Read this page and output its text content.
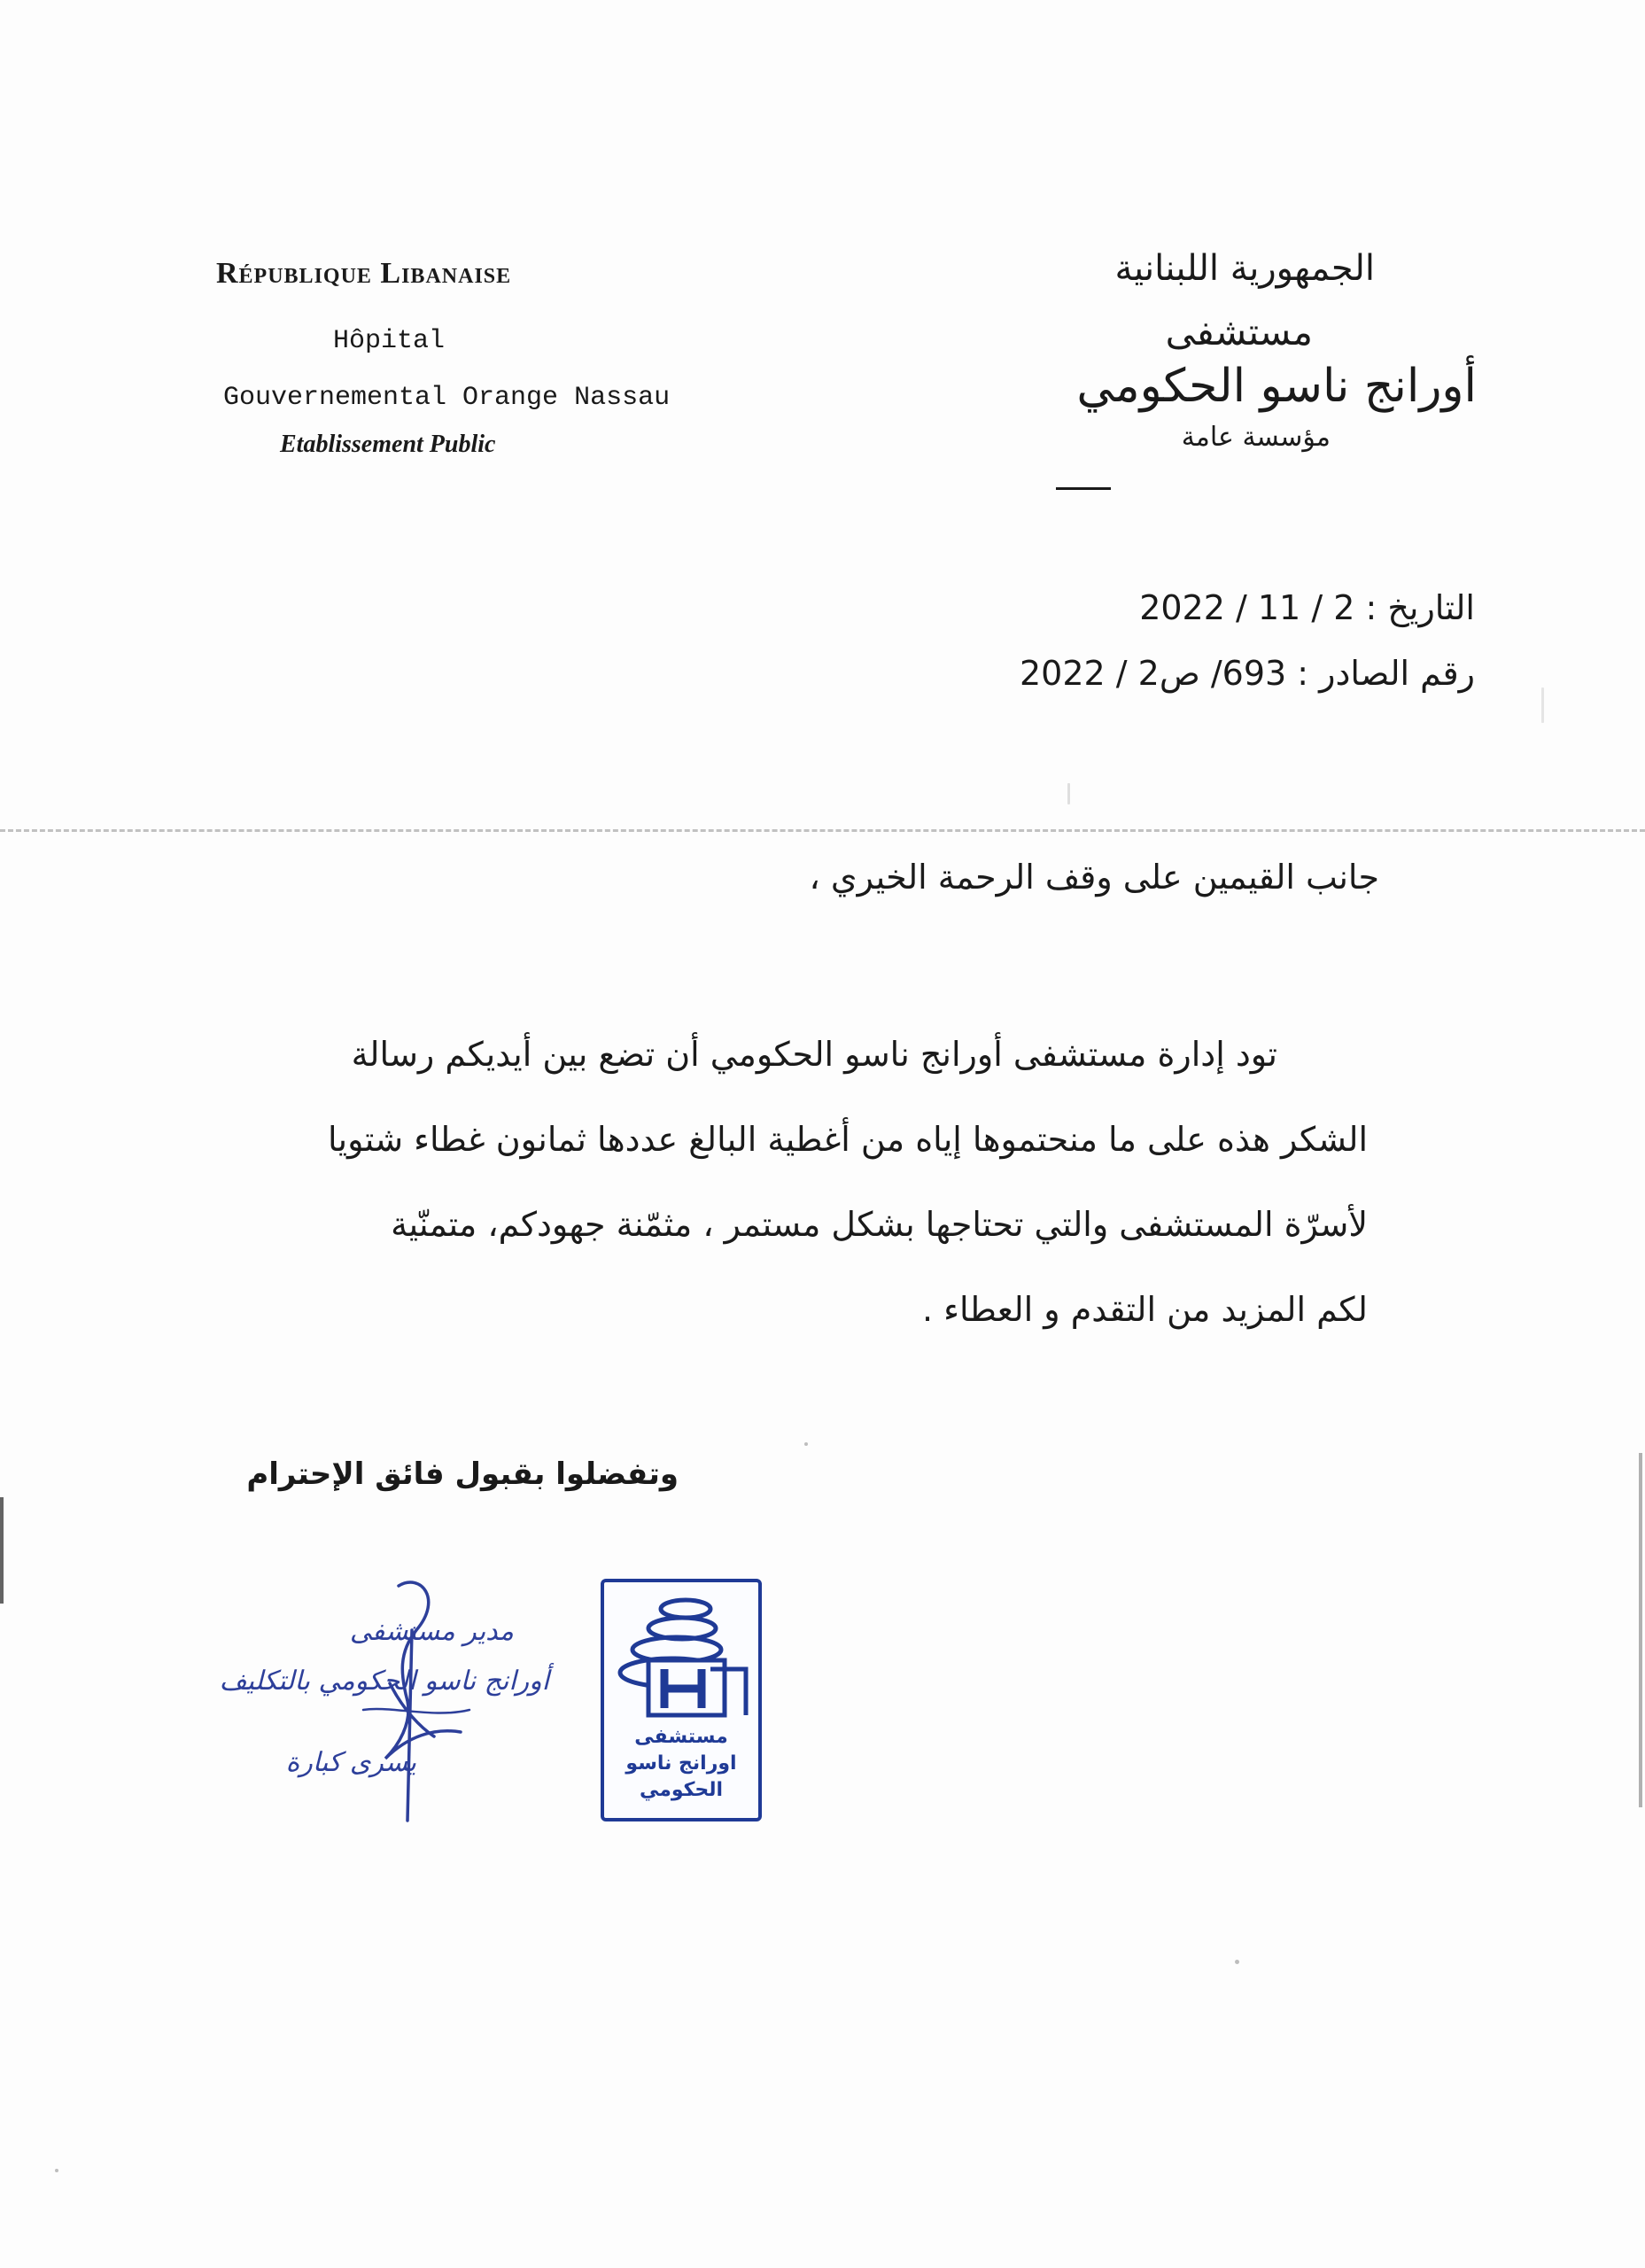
République Libanaise
Hôpital
Gouvernemental Orange Nassau
Etablissement Public
الجمهورية اللبنانية
مستشفى
أورانج ناسو الحكومي
مؤسسة عامة
التاريخ : 2 / 11 / 2022
رقم الصادر : 693/ ص2 / 2022
جانب القيمين على وقف الرحمة الخيري ،
تود إدارة مستشفى أورانج ناسو الحكومي أن تضع بين أيديكم رسالة
الشكر هذه على ما منحتموها إياه من أغطية البالغ عددها ثمانون غطاء شتويا
لأسرّة المستشفى والتي تحتاجها بشكل مستمر ، مثمّنة جهودكم، متمنّية
لكم المزيد من التقدم و العطاء .
وتفضلوا بقبول فائق الإحترام
مدير مستشفى
أورانج ناسو الحكومي بالتكليف
يسرى كبارة
مستشفى
اورانج ناسو
الحكومي
